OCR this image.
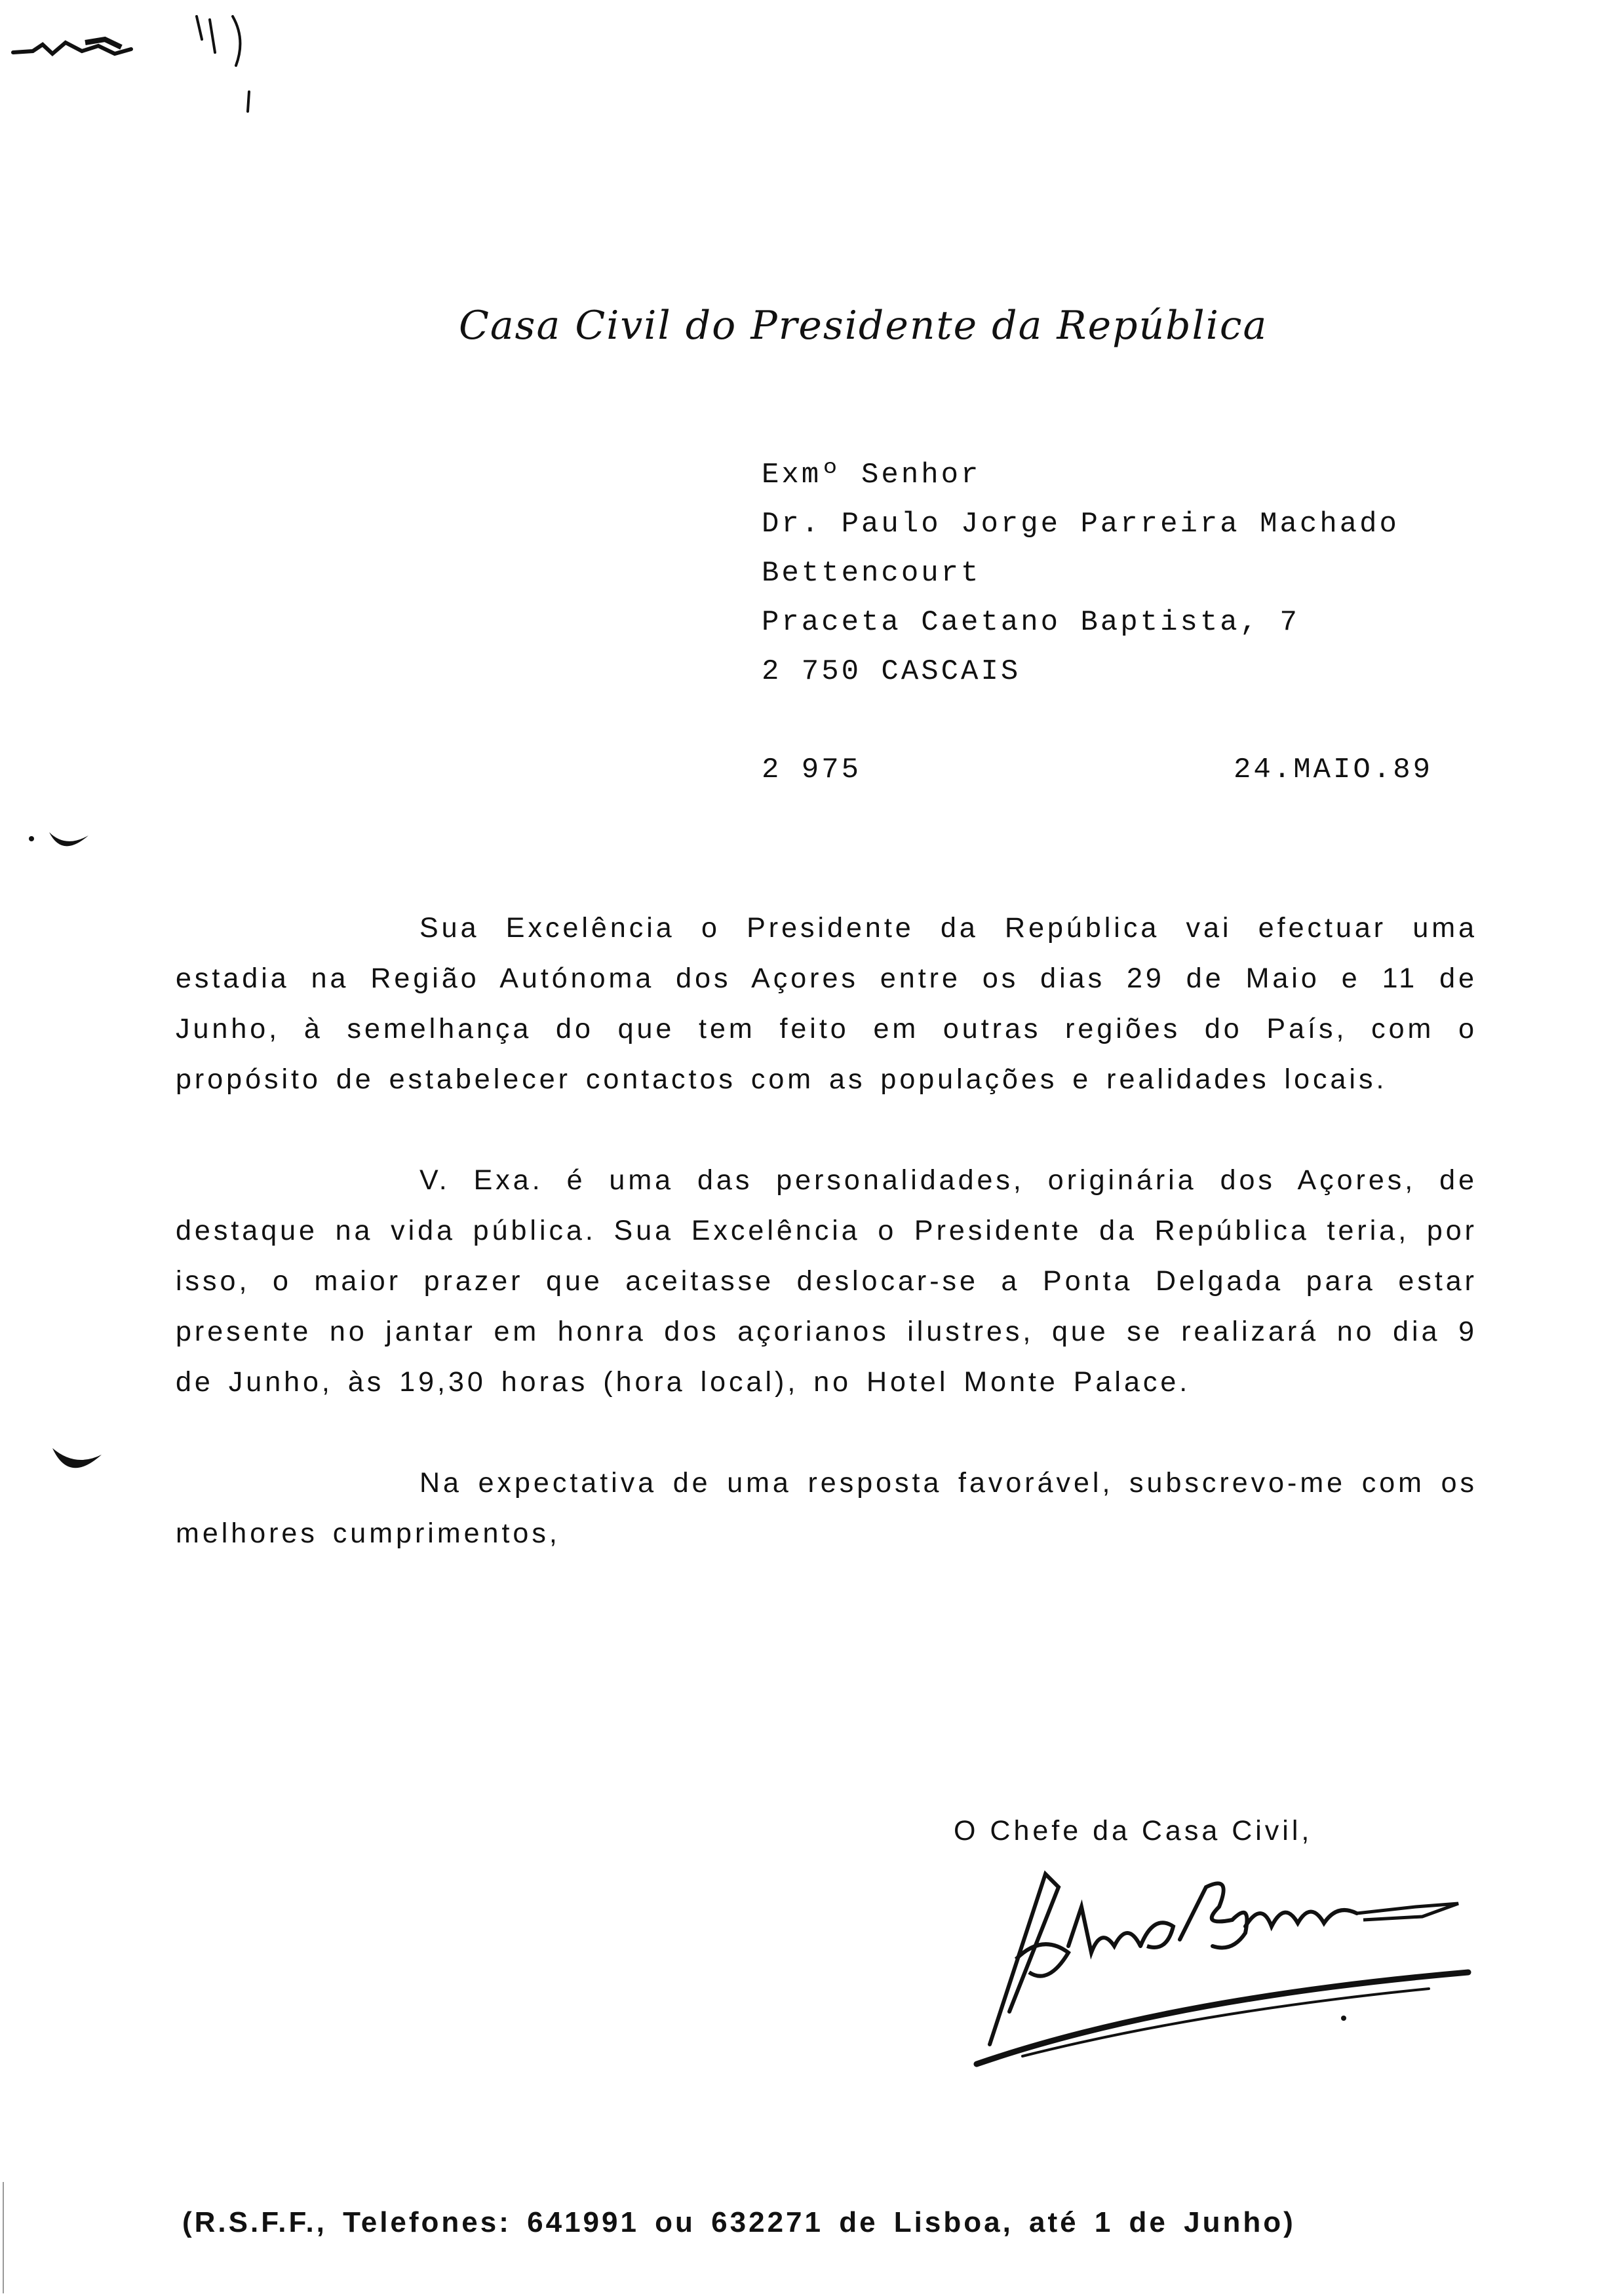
Casa Civil do Presidente da República
Exmº Senhor
Dr. Paulo Jorge Parreira Machado
Bettencourt
Praceta Caetano Baptista, 7
2 750 CASCAIS
2 975	24.MAIO.89

Sua Excelência o Presidente da República vai efectuar uma estadia na Região Autónoma dos Açores entre os dias 29 de Maio e 11 de Junho, à semelhança do que tem feito em outras regiões do País, com o propósito de estabelecer contactos com as populações e realidades locais.

V. Exa. é uma das personalidades, originária dos Açores, de destaque na vida pública. Sua Excelência o Presidente da República teria, por isso, o maior prazer que aceitasse deslocar-se a Ponta Delgada para estar presente no jantar em honra dos açorianos ilustres, que se realizará no dia 9 de Junho, às 19,30 horas (hora local), no Hotel Monte Palace.

Na expectativa de uma resposta favorável, subscrevo-me com os melhores cumprimentos,

O Chefe da Casa Civil,
(R.S.F.F., Telefones: 641991 ou 632271 de Lisboa, até 1 de Junho)
